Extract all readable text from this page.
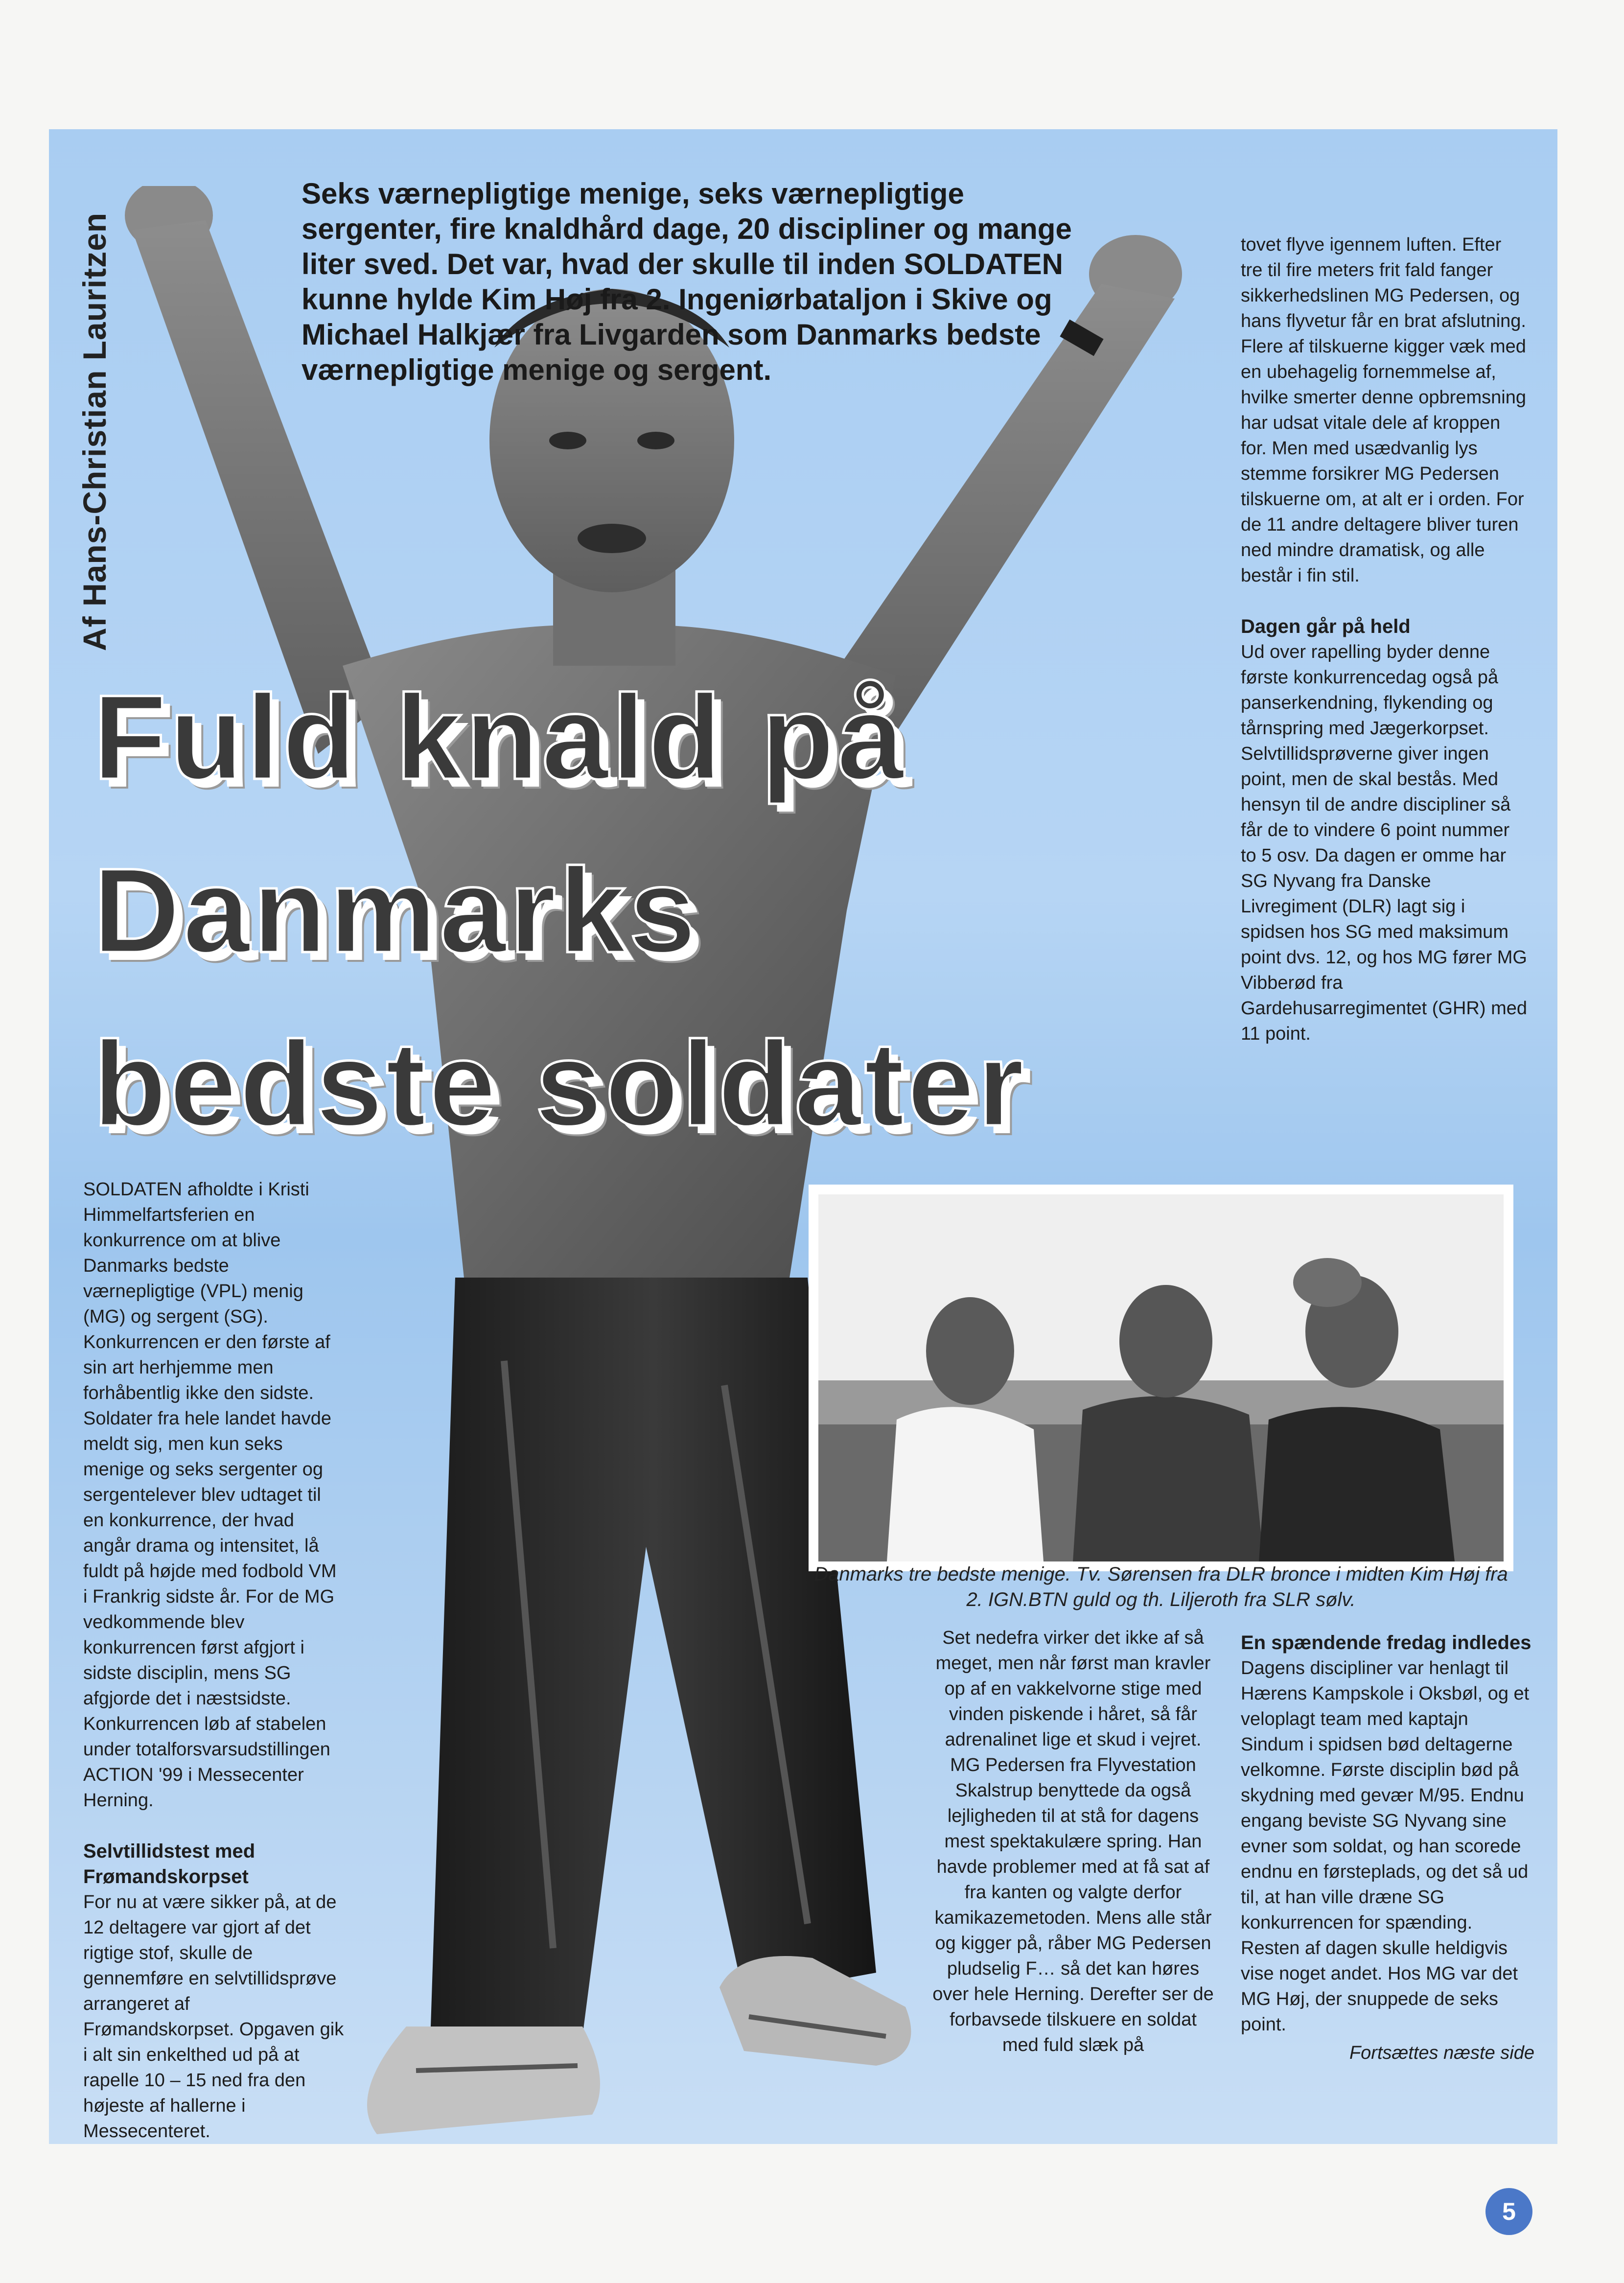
Af Hans-Christian Lauritzen

Seks værnepligtige menige, seks værnepligtige sergenter, fire knaldhård dage, 20 discipliner og mange liter sved. Det var, hvad der skulle til inden SOLDATEN kunne hylde Kim Høj fra 2. Ingeniørbataljon i Skive og Michael Halkjær fra Livgarden som Danmarks bedste værnepligtige menige og sergent.

Fuld knald på
Danmarks
bedste soldater

SOLDATEN afholdte i Kristi Himmelfartsferien en konkurrence om at blive Danmarks bedste værnepligtige (VPL) menig (MG) og sergent (SG). Konkurrencen er den første af sin art herhjemme men forhåbentlig ikke den sidste. Soldater fra hele landet havde meldt sig, men kun seks menige og seks sergenter og sergentelever blev udtaget til en konkurrence, der hvad angår drama og intensitet, lå fuldt på højde med fodbold VM i Frankrig sidste år. For de MG vedkommende blev konkurrencen først afgjort i sidste disciplin, mens SG afgjorde det i næstsidste. Konkurrencen løb af stabelen under totalforsvarsudstillingen ACTION '99 i Messecenter Herning.

Selvtillidstest med Frømandskorpset

For nu at være sikker på, at de 12 deltagere var gjort af det rigtige stof, skulle de gennemføre en selvtillidsprøve arrangeret af Frømandskorpset. Opgaven gik i alt sin enkelthed ud på at rapelle 10 – 15 ned fra den højeste af hallerne i Messecenteret.

tovet flyve igennem luften. Efter tre til fire meters frit fald fanger sikkerhedslinen MG Pedersen, og hans flyvetur får en brat afslutning. Flere af tilskuerne kigger væk med en ubehagelig fornemmelse af, hvilke smerter denne opbremsning har udsat vitale dele af kroppen for. Men med usædvanlig lys stemme forsikrer MG Pedersen tilskuerne om, at alt er i orden. For de 11 andre deltagere bliver turen ned mindre dramatisk, og alle består i fin stil.

Dagen går på held

Ud over rapelling byder denne første konkurrencedag også på panserkendning, flykending og tårnspring med Jægerkorpset. Selvtillidsprøverne giver ingen point, men de skal bestås. Med hensyn til de andre discipliner så får de to vindere 6 point nummer to 5 osv. Da dagen er omme har SG Nyvang fra Danske Livregiment (DLR) lagt sig i spidsen hos SG med maksimum point dvs. 12, og hos MG fører MG Vibberød fra Gardehusarregimentet (GHR) med 11 point.

Danmarks tre bedste menige. Tv. Sørensen fra DLR bronce i midten Kim Høj fra 2. IGN.BTN guld og th. Liljeroth fra SLR sølv.

Set nedefra virker det ikke af så meget, men når først man kravler op af en vakkelvorne stige med vinden piskende i håret, så får adrenalinet lige et skud i vejret. MG Pedersen fra Flyvestation Skalstrup benyttede da også lejligheden til at stå for dagens mest spektakulære spring. Han havde problemer med at få sat af fra kanten og valgte derfor kamikazemetoden. Mens alle står og kigger på, råber MG Pedersen pludselig F… så det kan høres over hele Herning. Derefter ser de forbavsede tilskuere en soldat med fuld slæk på

En spændende fredag indledes

Dagens discipliner var henlagt til Hærens Kampskole i Oksbøl, og et veloplagt team med kaptajn Sindum i spidsen bød deltagerne velkomne. Første disciplin bød på skydning med gevær M/95. Endnu engang beviste SG Nyvang sine evner som soldat, og han scorede endnu en førsteplads, og det så ud til, at han ville dræne SG konkurrencen for spænding. Resten af dagen skulle heldigvis vise noget andet. Hos MG var det MG Høj, der snuppede de seks point.

Fortsættes næste side
5
